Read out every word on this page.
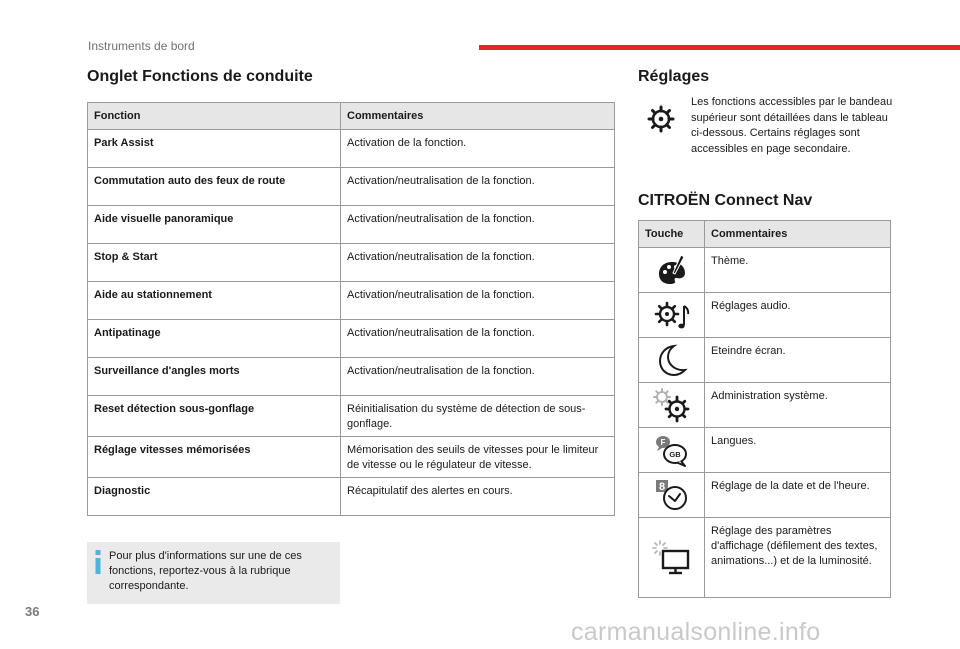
Instruments de bord
Onglet Fonctions de conduite
Fonction	Commentaires
Park Assist	Activation de la fonction.
Commutation auto des feux de route	Activation/neutralisation de la fonction.
Aide visuelle panoramique	Activation/neutralisation de la fonction.
Stop & Start	Activation/neutralisation de la fonction.
Aide au stationnement	Activation/neutralisation de la fonction.
Antipatinage	Activation/neutralisation de la fonction.
Surveillance d'angles morts	Activation/neutralisation de la fonction.
Reset détection sous-gonflage	Réinitialisation du système de détection de sous-gonflage.
Réglage vitesses mémorisées	Mémorisation des seuils de vitesses pour le limiteur de vitesse ou le régulateur de vitesse.
Diagnostic	Récapitulatif des alertes en cours.
Pour plus d'informations sur une de ces fonctions, reportez-vous à la rubrique correspondante.
Réglages
Les fonctions accessibles par le bandeau supérieur sont détaillées dans le tableau ci-dessous. Certains réglages sont accessibles en page secondaire.
CITROËN Connect Nav
Touche	Commentaires

	Thème.

	Réglages audio.

	Eteindre écran.

	Administration système.

F
GB	Langues.

8	Réglage de la date et de l'heure.

	Réglage des paramètres d'affichage (défilement des textes, animations...) et de la luminosité.
36
carmanualsonline.info
